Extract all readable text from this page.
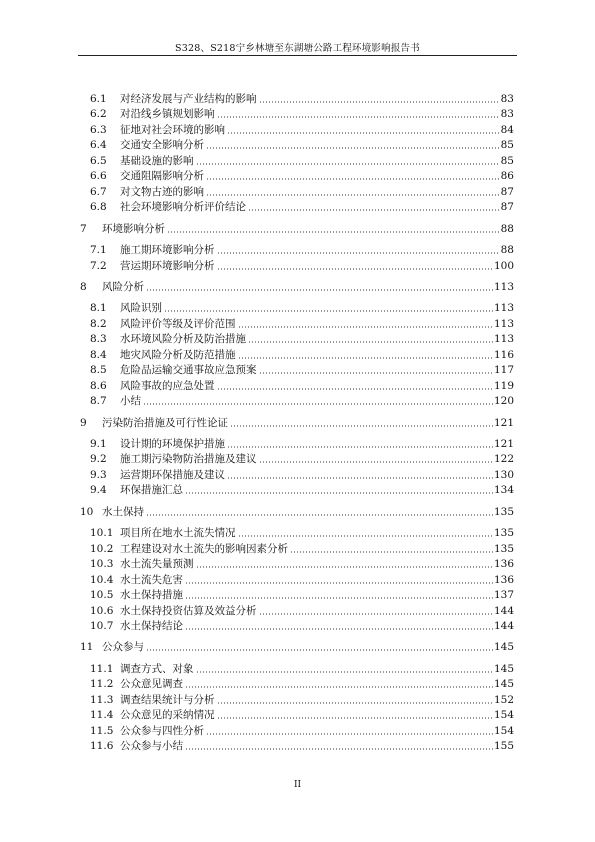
S328、S218宁乡林塘至东湖塘公路工程环境影响报告书
6.1	对经济发展与产业结构的影响	83
6.2	对沿线乡镇规划影响	83
6.3	征地对社会环境的影响	84
6.4	交通安全影响分析	85
6.5	基础设施的影响	85
6.6	交通阻隔影响分析	86
6.7	对文物古迹的影响	87
6.8	社会环境影响分析评价结论	87
7	环境影响分析	88
7.1	施工期环境影响分析	88
7.2	营运期环境影响分析	100
8	风险分析	113
8.1	风险识别	113
8.2	风险评价等级及评价范围	113
8.3	水环境风险分析及防治措施	113
8.4	地灾风险分析及防范措施	116
8.5	危险品运输交通事故应急预案	117
8.6	风险事故的应急处置	119
8.7	小结	120
9	污染防治措施及可行性论证	121
9.1	设计期的环境保护措施	121
9.2	施工期污染物防治措施及建议	122
9.3	运营期环保措施及建议	130
9.4	环保措施汇总	134
10 水土保持	135
10.1 项目所在地水土流失情况	135
10.2 工程建设对水土流失的影响因素分析	135
10.3 水土流失量预测	136
10.4 水土流失危害	136
10.5 水土保持措施	137
10.6 水土保持投资估算及效益分析	144
10.7 水土保持结论	144
11 公众参与	145
11.1 调查方式、对象	145
11.2 公众意见调查	145
11.3 调查结果统计与分析	152
11.4 公众意见的采纳情况	154
11.5 公众参与四性分析	154
11.6 公众参与小结	155
II
